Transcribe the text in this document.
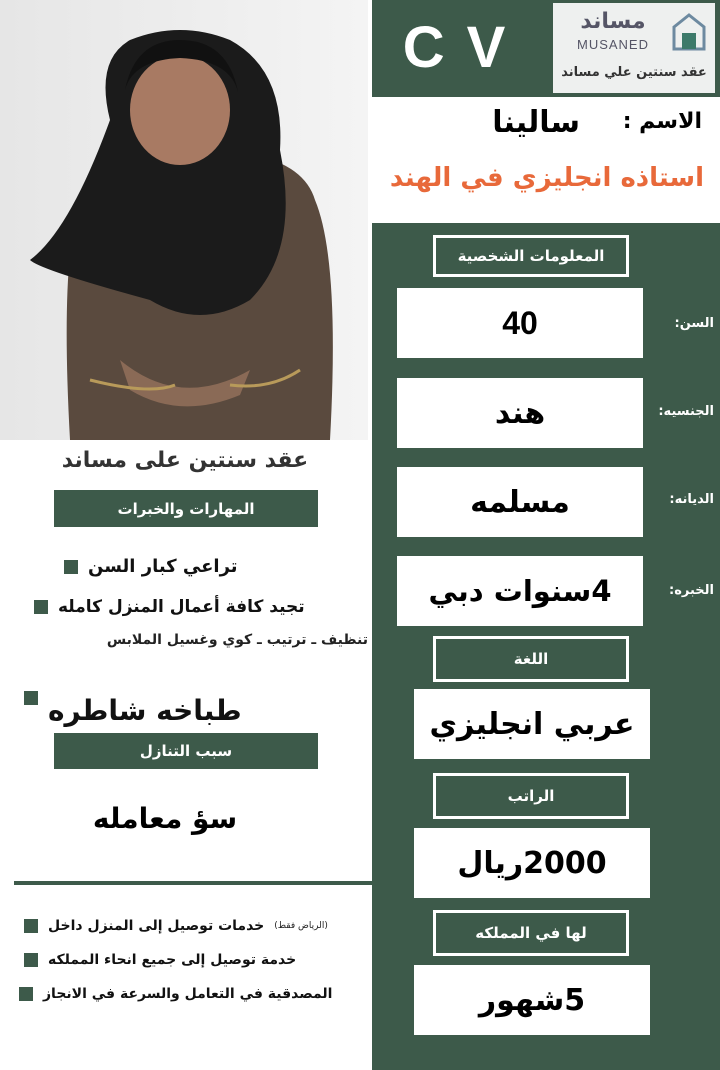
CV	مساند
MUSANED
عقد سنتين علي مساند
الاسم :
سالينا
استاذه انجليزي في الهند
المعلومات الشخصية
40	السن:
هند	الجنسيه:
مسلمه	الديانه:
4سنوات دبي	الخبره:
اللغة
عربي انجليزي
الراتب
2000ريال
لها في المملكه
5شهور
عقد سنتين على مساند
المهارات والخبرات
تراعي كبار السن
تجيد كافة أعمال المنزل كامله
تنظيف ـ ترتيب ـ كوي وغسيل الملابس
طباخه شاطره
سبب التنازل
سؤ معامله
خدمات توصيل إلى المنزل داخل (الرياض فقط)
خدمة توصيل إلى جميع انحاء المملكه
المصدقية في التعامل والسرعة في الانجاز
